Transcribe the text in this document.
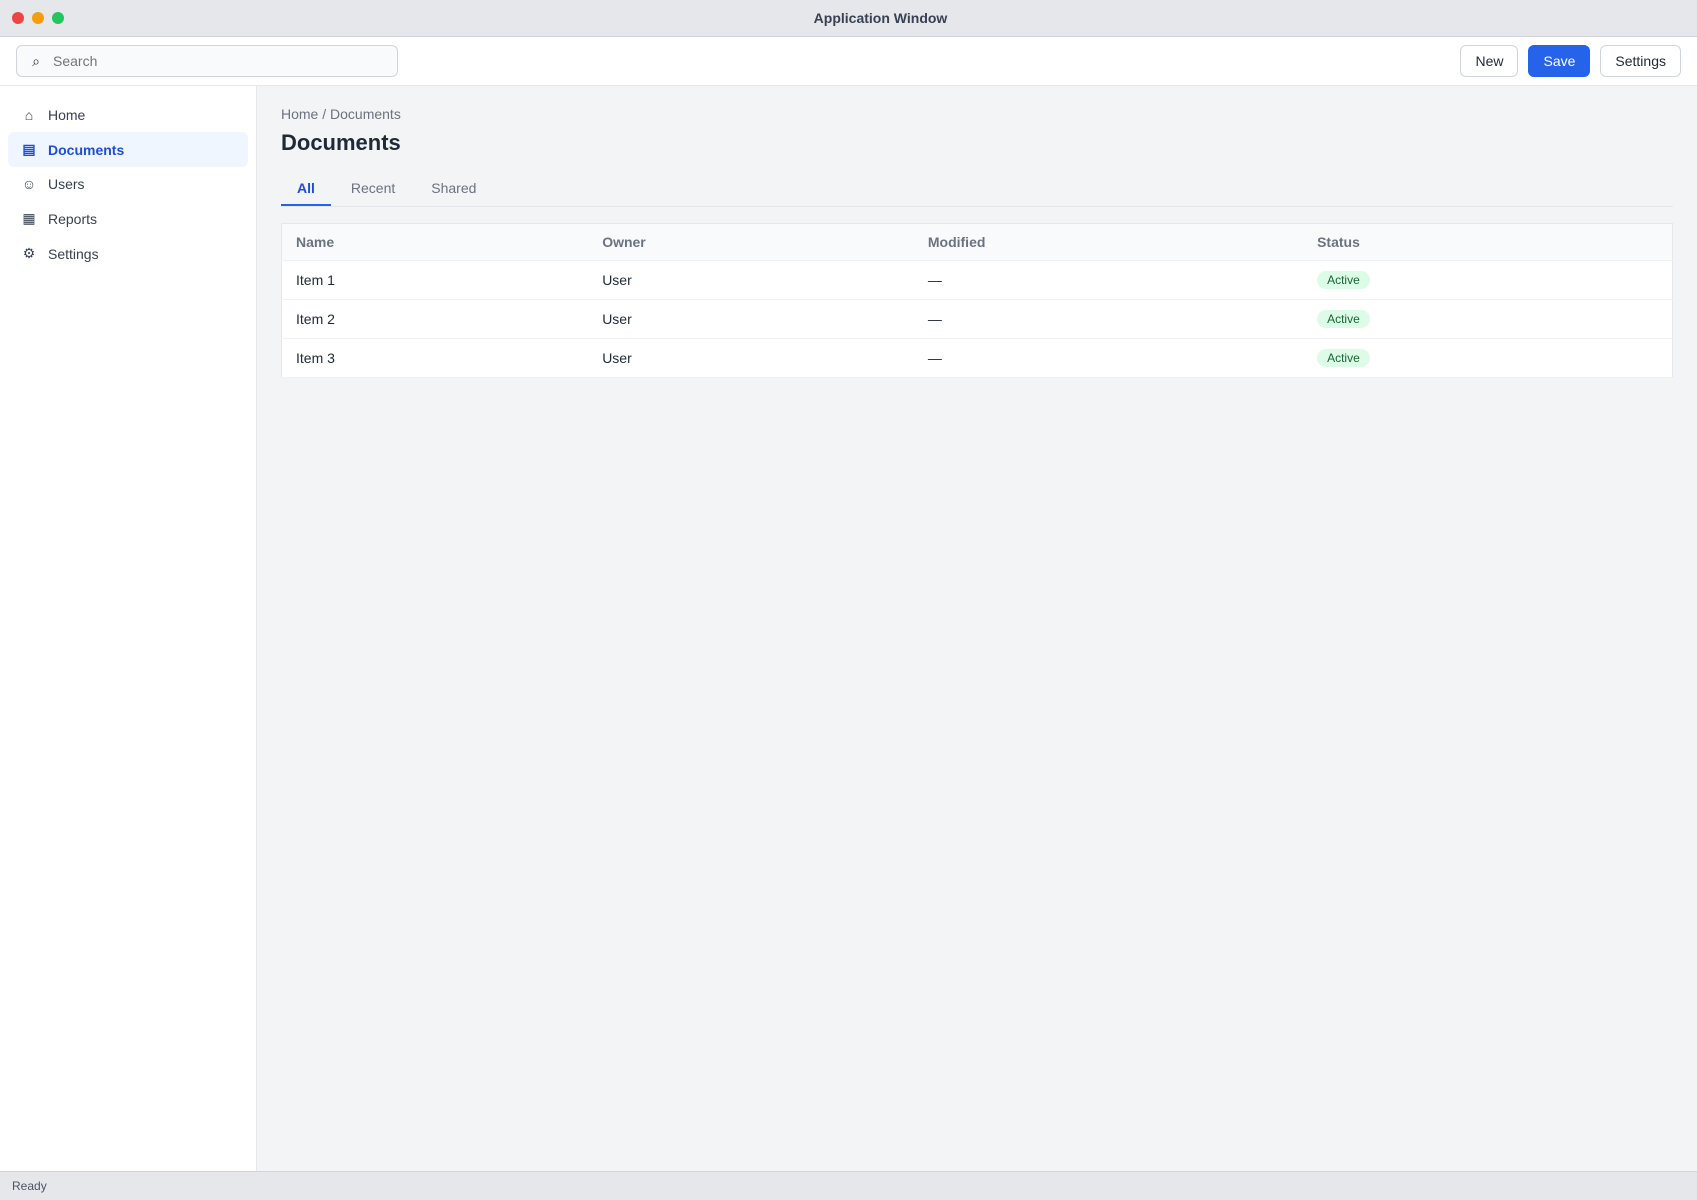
Application Window
⌕
Search	New	Save	Settings
⌂	Home
▤ Documents
☺ Users
▦ Reports
⚙ Settings
Home / Documents
Documents
All	Recent	Shared
Name	Owner	Modified	Status
Item 1	User	—	Active
Item 2	User	—	Active
Item 3	User	—	Active
Ready
